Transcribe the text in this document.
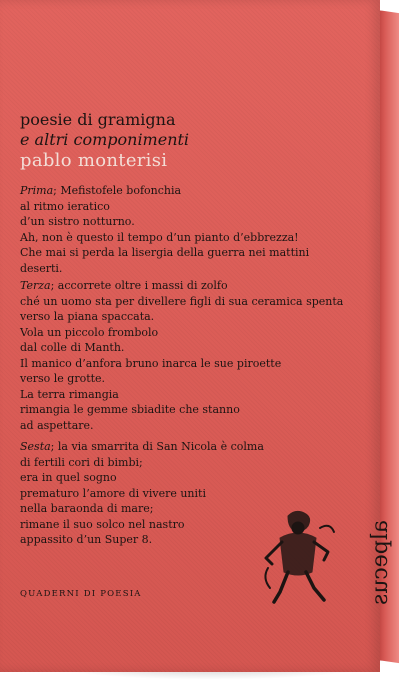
poesie di gramigna

e altri componimenti

pablo monterisi

Prima; Mefistofele bofonchia
al ritmo ieratico
d’un sistro notturno.
Ah, non è questo il tempo d’un pianto d’ebbrezza!
Che mai si perda la lisergia della guerra nei mattini
deserti.
Terza; accorrete oltre i massi di zolfo
ché un uomo sta per divellere figli di sua ceramica spenta
verso la piana spaccata.
Vola un piccolo frombolo
dal colle di Manth.
Il manico d’anfora bruno inarca le sue piroette
verso le grotte.
La terra rimangia
rimangia le gemme sbiadite che stanno
ad aspettare.
Sesta; la via smarrita di San Nicola è colma
di fertili cori di bimbi;
era in quel sogno
prematuro l’amore di vivere uniti
nella baraonda di mare;
rimane il suo solco nel nastro
appassito d’un Super 8.	alpecus
QUADERNI DI POESIA
